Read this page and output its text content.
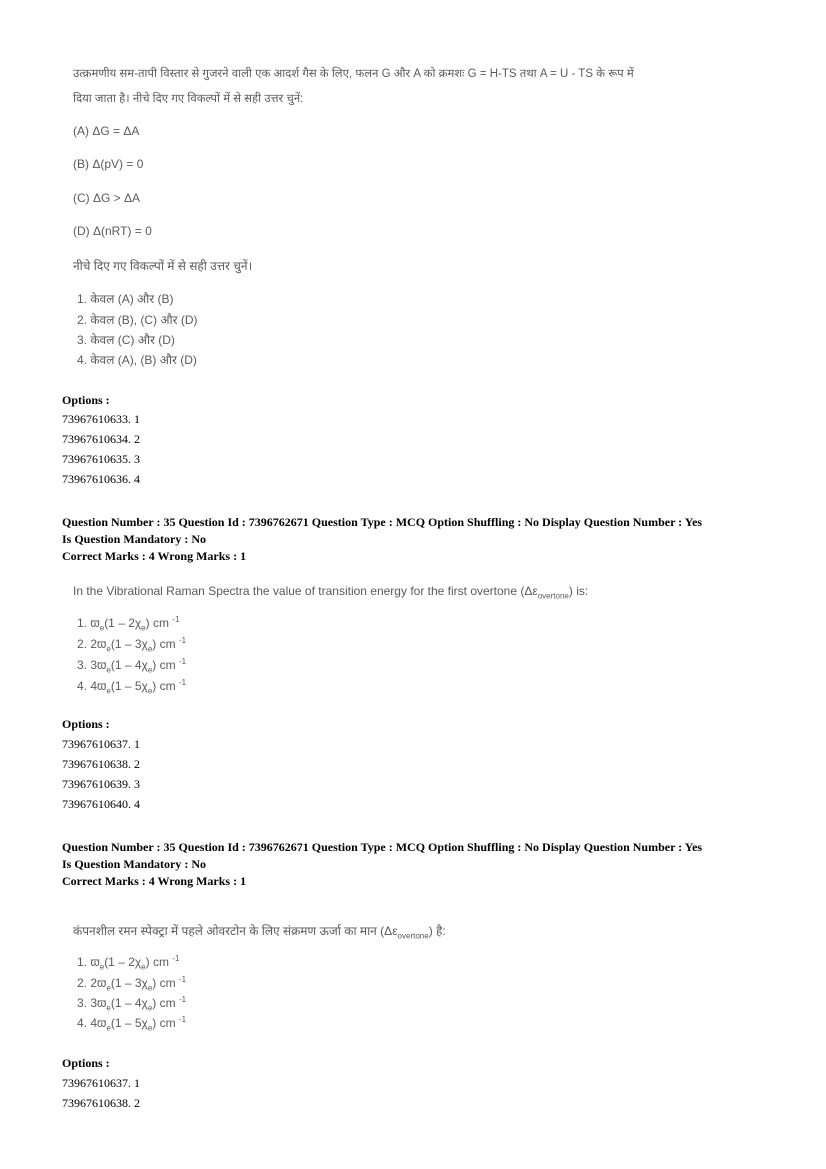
उत्क्रमणीय सम-तापी विस्तार से गुजरने वाली एक आदर्श गैस के लिए, फलन G और A को क्रमशः G = H-TS तथा A = U - TS के रूप में
दिया जाता है। नीचे दिए गए विकल्पों में से सही उत्तर चुनें:
(A) ΔG = ΔA
(B) Δ(pV) = 0
(C) ΔG > ΔA
(D) Δ(nRT) = 0
नीचे दिए गए विकल्पों में से सही उत्तर चुनें।
1. केवल (A) और (B)
2. केवल (B), (C) और (D)
3. केवल (C) और (D)
4. केवल (A), (B) और (D)
Options :
73967610633. 1
73967610634. 2
73967610635. 3
73967610636. 4
Question Number : 35 Question Id : 7396762671 Question Type : MCQ Option Shuffling : No Display Question Number : Yes
Is Question Mandatory : No
Correct Marks : 4 Wrong Marks : 1
In the Vibrational Raman Spectra the value of transition energy for the first overtone $(\Delta\varepsilon_{overtone})$ is:
1. $ϖ_e(1 - 2\chi_e)$ cm $^{-1}$
2. $2ϖ_e(1 - 3\chi_e)$ cm $^{-1}$
3. $3ϖ_e(1 - 4\chi_e)$ cm $^{-1}$
4. $4ϖ_e(1 - 5\chi_e)$ cm $^{-1}$
Options :
73967610637. 1
73967610638. 2
73967610639. 3
73967610640. 4
Question Number : 35 Question Id : 7396762671 Question Type : MCQ Option Shuffling : No Display Question Number : Yes
Is Question Mandatory : No
Correct Marks : 4 Wrong Marks : 1
कंपनशील रमन स्पेक्ट्रा में पहले ओवरटोन के लिए संक्रमण ऊर्जा का मान $(\Delta\varepsilon_{overtone})$ है:
1. $ϖ_e(1 - 2\chi_e)$ cm $^{-1}$
2. $2ϖ_e(1 - 3\chi_e)$ cm $^{-1}$
3. $3ϖ_e(1 - 4\chi_e)$ cm $^{-1}$
4. $4ϖ_e(1 - 5\chi_e)$ cm $^{-1}$
Options :
73967610637. 1
73967610638. 2
